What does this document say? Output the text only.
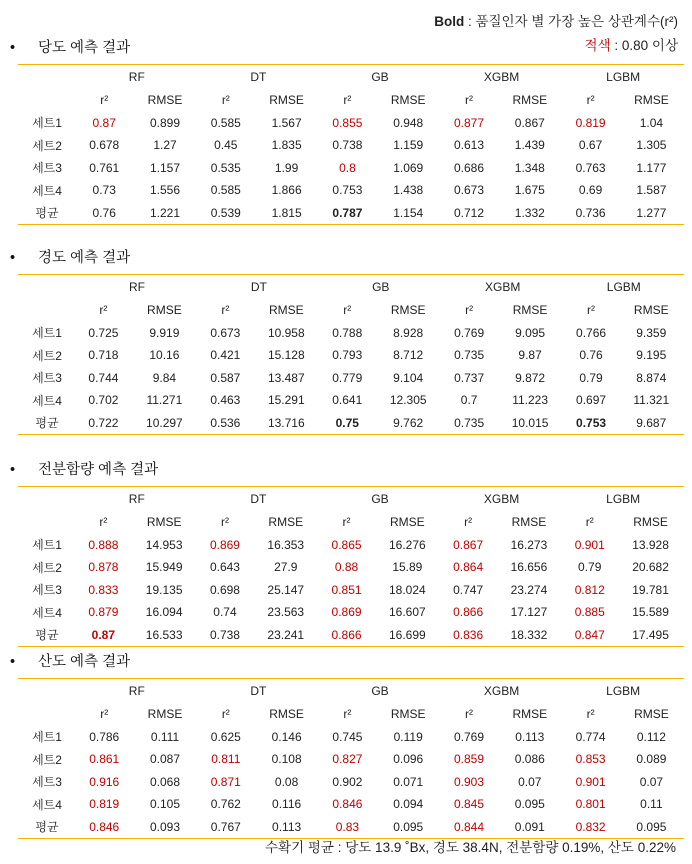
Bold : 품질인자 별 가장 높은 상관계수(r²)
적색 : 0.80 이상
• 당도 예측 결과
	RF		DT		GB		XGBM		LGBM	
	r²	RMSE	r²	RMSE	r²	RMSE	r²	RMSE	r²	RMSE
세트1	0.87	0.899	0.585	1.567	0.855	0.948	0.877	0.867	0.819	1.04
세트2	0.678	1.27	0.45	1.835	0.738	1.159	0.613	1.439	0.67	1.305
세트3	0.761	1.157	0.535	1.99	0.8	1.069	0.686	1.348	0.763	1.177
세트4	0.73	1.556	0.585	1.866	0.753	1.438	0.673	1.675	0.69	1.587
평균	0.76	1.221	0.539	1.815	0.787	1.154	0.712	1.332	0.736	1.277
• 경도 예측 결과
	RF		DT		GB		XGBM		LGBM	
	r²	RMSE	r²	RMSE	r²	RMSE	r²	RMSE	r²	RMSE
세트1	0.725	9.919	0.673	10.958	0.788	8.928	0.769	9.095	0.766	9.359
세트2	0.718	10.16	0.421	15.128	0.793	8.712	0.735	9.87	0.76	9.195
세트3	0.744	9.84	0.587	13.487	0.779	9.104	0.737	9.872	0.79	8.874
세트4	0.702	11.271	0.463	15.291	0.641	12.305	0.7	11.223	0.697	11.321
평균	0.722	10.297	0.536	13.716	0.75	9.762	0.735	10.015	0.753	9.687
• 전분함량 예측 결과
	RF		DT		GB		XGBM		LGBM	
	r²	RMSE	r²	RMSE	r²	RMSE	r²	RMSE	r²	RMSE
세트1	0.888	14.953	0.869	16.353	0.865	16.276	0.867	16.273	0.901	13.928
세트2	0.878	15.949	0.643	27.9	0.88	15.89	0.864	16.656	0.79	20.682
세트3	0.833	19.135	0.698	25.147	0.851	18.024	0.747	23.274	0.812	19.781
세트4	0.879	16.094	0.74	23.563	0.869	16.607	0.866	17.127	0.885	15.589
평균	0.87	16.533	0.738	23.241	0.866	16.699	0.836	18.332	0.847	17.495
• 산도 예측 결과
	RF		DT		GB		XGBM		LGBM	
	r²	RMSE	r²	RMSE	r²	RMSE	r²	RMSE	r²	RMSE
세트1	0.786	0.111	0.625	0.146	0.745	0.119	0.769	0.113	0.774	0.112
세트2	0.861	0.087	0.811	0.108	0.827	0.096	0.859	0.086	0.853	0.089
세트3	0.916	0.068	0.871	0.08	0.902	0.071	0.903	0.07	0.901	0.07
세트4	0.819	0.105	0.762	0.116	0.846	0.094	0.845	0.095	0.801	0.11
평균	0.846	0.093	0.767	0.113	0.83	0.095	0.844	0.091	0.832	0.095
수확기 평균 : 당도 13.9 ˚Bx, 경도 38.4N, 전분함량 0.19%, 산도 0.22%
